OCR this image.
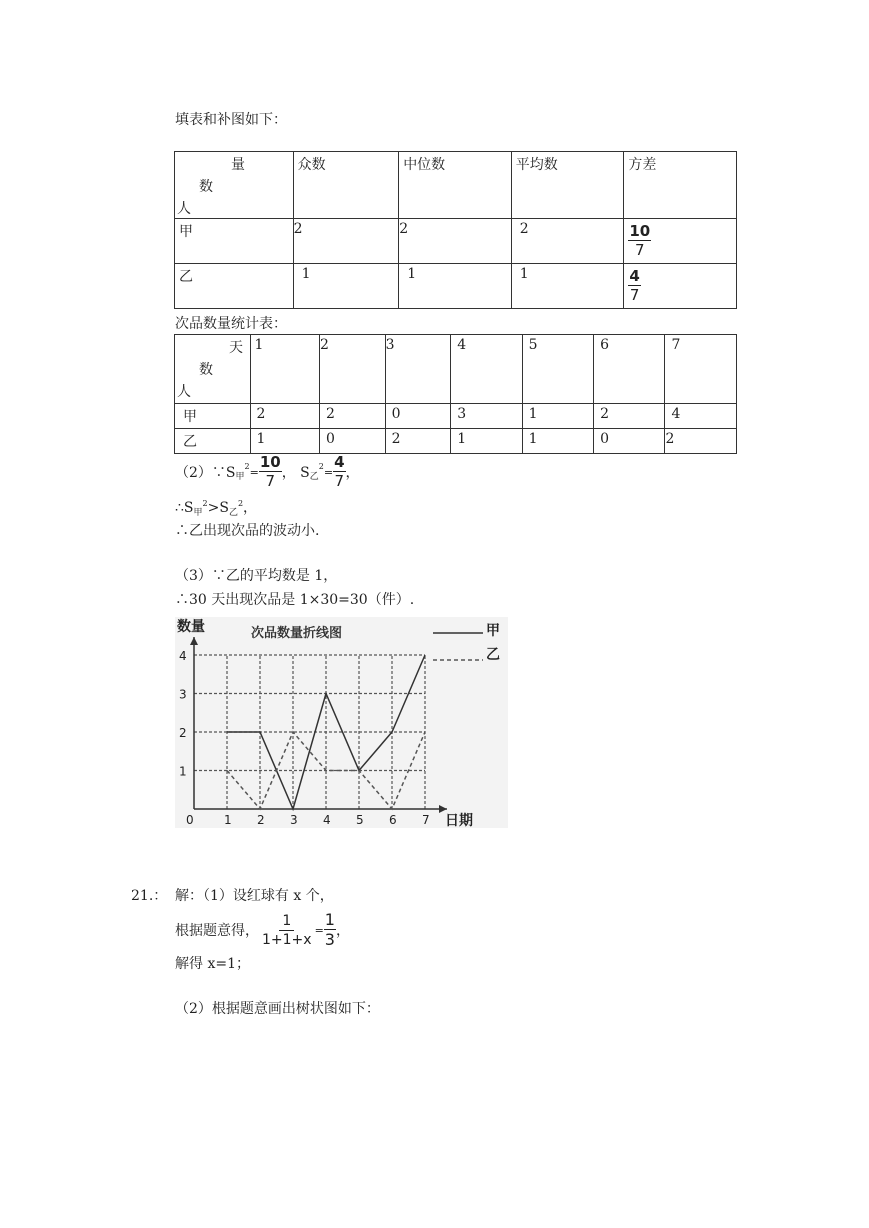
填表和补图如下：
量
数
人	众数	中位数	平均数	方差
甲	2	2	2	$\frac{10}{7}$

乙	1	1	1	$\frac{4}{7}$
次品数量统计表：
天
数
人	1	2	3	4	5	6	7
甲	2	2	0	3	1	2	4
乙	1	0	2	1	1	0	2
（2）∵S 甲
$2 = \frac{10}{7}$ ， S 乙
$2 = \frac{4}{7}$ ，
$\therefore S_甲^2>S_乙^2$，
∴乙出现次品的波动小.
（3）∵乙的平均数是 1，
∴30 天出现次品是 1×30=30（件）.
0	1 2 3 4 5 6 7
1
2
3
4
次品数量折线图
数量
日期
甲
乙
21.： 解：（1）设红球有 x 个，
根据题意得， $\frac{1}{1+1+x} = \frac{1}{3}$ ，
解得 x=1；
（2）根据题意画出树状图如下：
